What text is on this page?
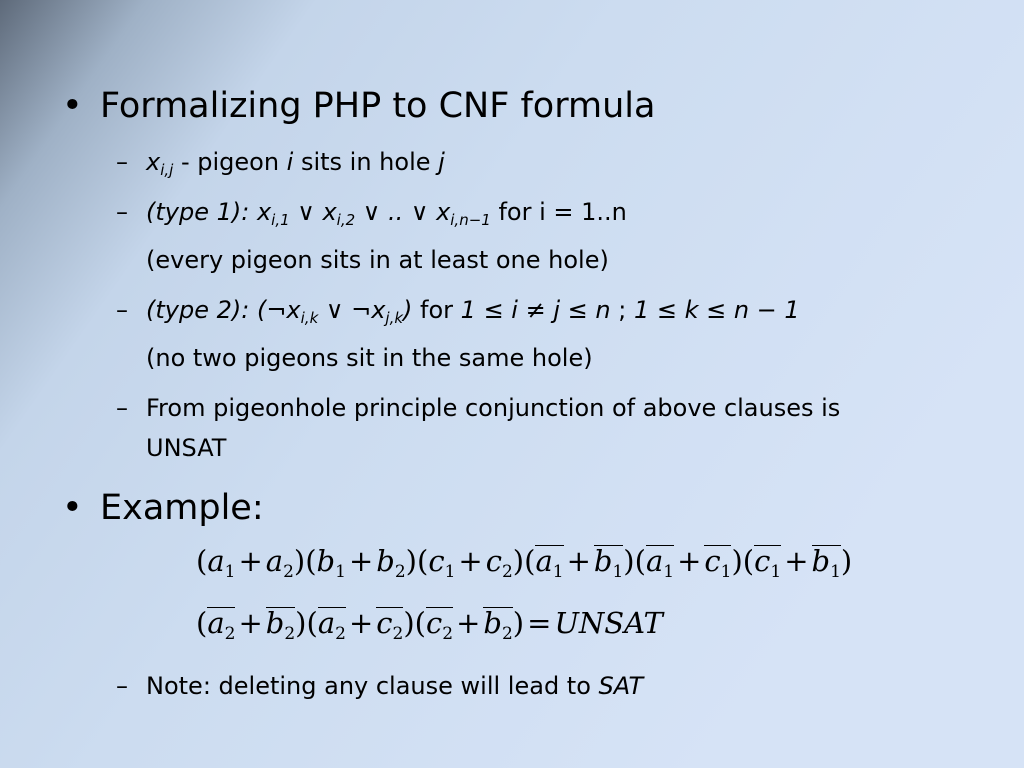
• Formalizing PHP to CNF formula
– $x_{i,j}$ - pigeon i sits in hole j
– (type 1): $x_{i,1}$ ∨ $x_{i,2}$ ∨ .. ∨ $x_{i,n-1}$ for i = 1..n
(every pigeon sits in at least one hole)
– (type 2): ($\neg x_{i,k}$ ∨ $\neg x_{j,k}$) for 1 ≤ i ≠ j ≤ n ; 1 ≤ k ≤ n − 1
(no two pigeons sit in the same hole)
– From pigeonhole principle conjunction of above clauses is
UNSAT
• Example:
$(a_1 + a_2)(b_1 + b_2)(c_1 + c_2)(a_1 + b_1)(a_1 + c_1)(c_1 + b_1)$
$(a_2 + b_2)(a_2 + c_2)(c_2 + b_2)$ = UNSAT
– Note: deleting any clause will lead to SAT
